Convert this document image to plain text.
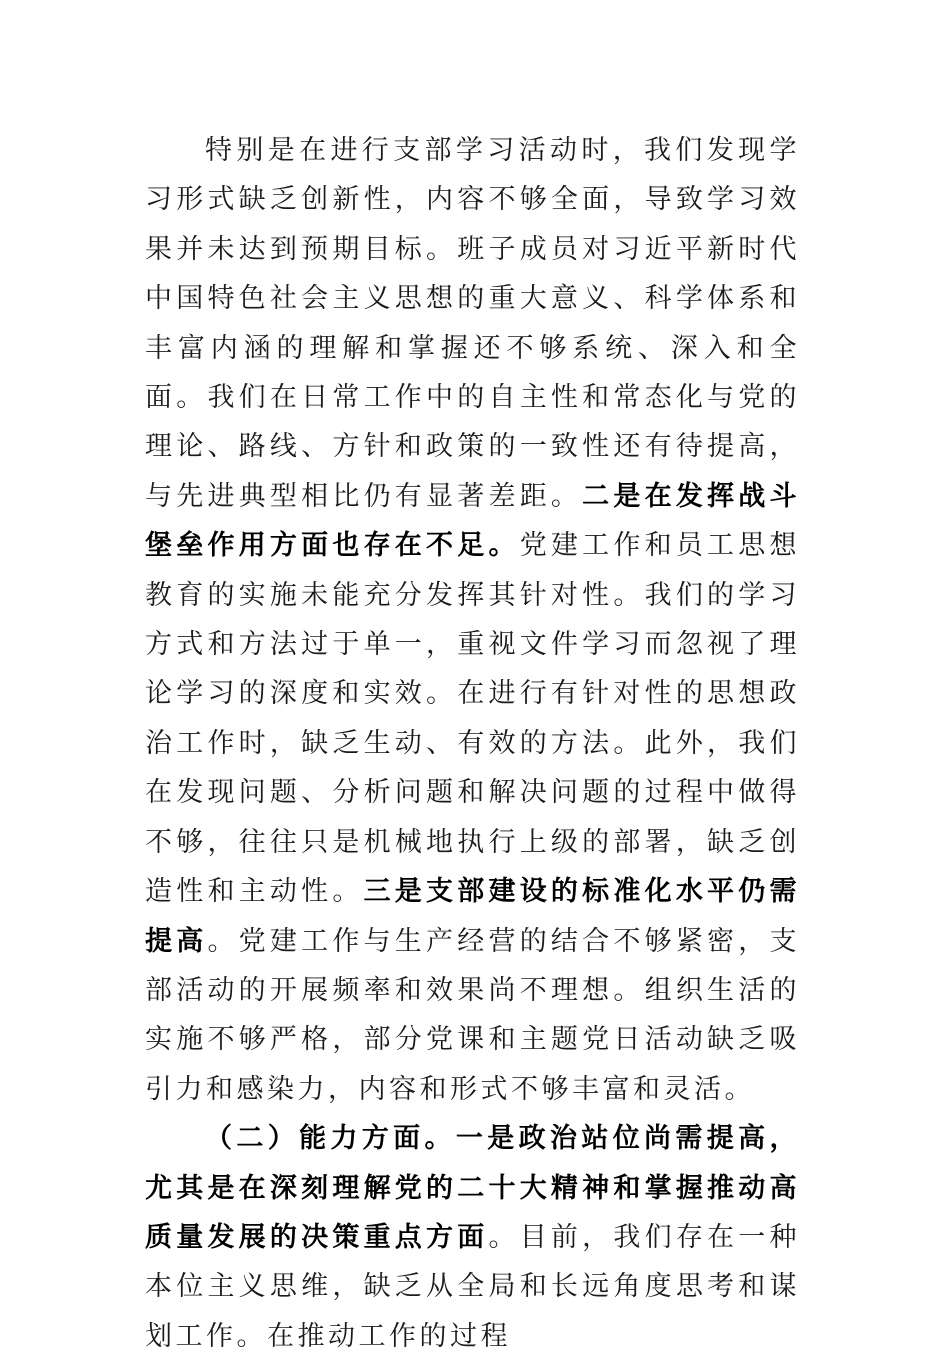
特别是在进行支部学习活动时，我们发现学习形式缺乏创新性，内容不够全面，导致学习效果并未达到预期目标。班子成员对习近平新时代中国特色社会主义思想的重大意义、科学体系和丰富内涵的理解和掌握还不够系统、深入和全面。我们在日常工作中的自主性和常态化与党的理论、路线、方针和政策的一致性还有待提高，与先进典型相比仍有显著差距。二是在发挥战斗堡垒作用方面也存在不足。党建工作和员工思想教育的实施未能充分发挥其针对性。我们的学习方式和方法过于单一，重视文件学习而忽视了理论学习的深度和实效。在进行有针对性的思想政治工作时，缺乏生动、有效的方法。此外，我们在发现问题、分析问题和解决问题的过程中做得不够，往往只是机械地执行上级的部署，缺乏创造性和主动性。三是支部建设的标准化水平仍需提高。党建工作与生产经营的结合不够紧密，支部活动的开展频率和效果尚不理想。组织生活的实施不够严格，部分党课和主题党日活动缺乏吸引力和感染力，内容和形式不够丰富和灵活。

（二）能力方面。一是政治站位尚需提高，尤其是在深刻理解党的二十大精神和掌握推动高质量发展的决策重点方面。目前，我们存在一种本位主义思维，缺乏从全局和长远角度思考和谋划工作。在推动工作的过程
